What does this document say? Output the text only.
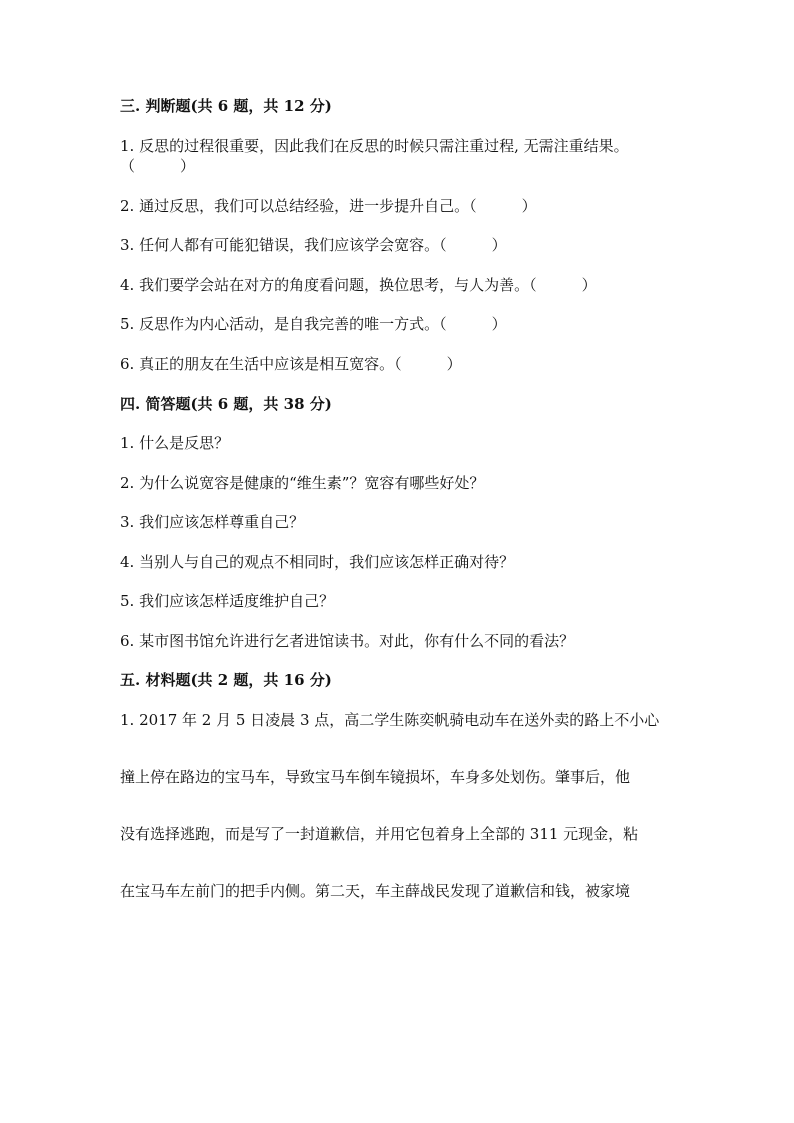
三. 判断题(共 6 题，共 12 分)
1. 反思的过程很重要，因此我们在反思的时候只需注重过程, 无需注重结果。
（　　　）
2. 通过反思，我们可以总结经验，进一步提升自己。（　　　）
3. 任何人都有可能犯错误，我们应该学会宽容。（　　　）
4. 我们要学会站在对方的角度看问题，换位思考，与人为善。（　　　）
5. 反思作为内心活动，是自我完善的唯一方式。（　　　）
6. 真正的朋友在生活中应该是相互宽容。（　　　）
四. 简答题(共 6 题，共 38 分)
1. 什么是反思？
2. 为什么说宽容是健康的“维生素”？宽容有哪些好处？
3. 我们应该怎样尊重自己？
4. 当别人与自己的观点不相同时，我们应该怎样正确对待？
5. 我们应该怎样适度维护自己？
6. 某市图书馆允许进行乞者进馆读书。对此，你有什么不同的看法？
五. 材料题(共 2 题，共 16 分)
1. 2017 年 2 月 5 日凌晨 3 点，高二学生陈奕帆骑电动车在送外卖的路上不小心
撞上停在路边的宝马车，导致宝马车倒车镜损坏，车身多处划伤。肇事后，他
没有选择逃跑，而是写了一封道歉信，并用它包着身上全部的 311 元现金，粘
在宝马车左前门的把手内侧。第二天，车主薛战民发现了道歉信和钱，被家境
